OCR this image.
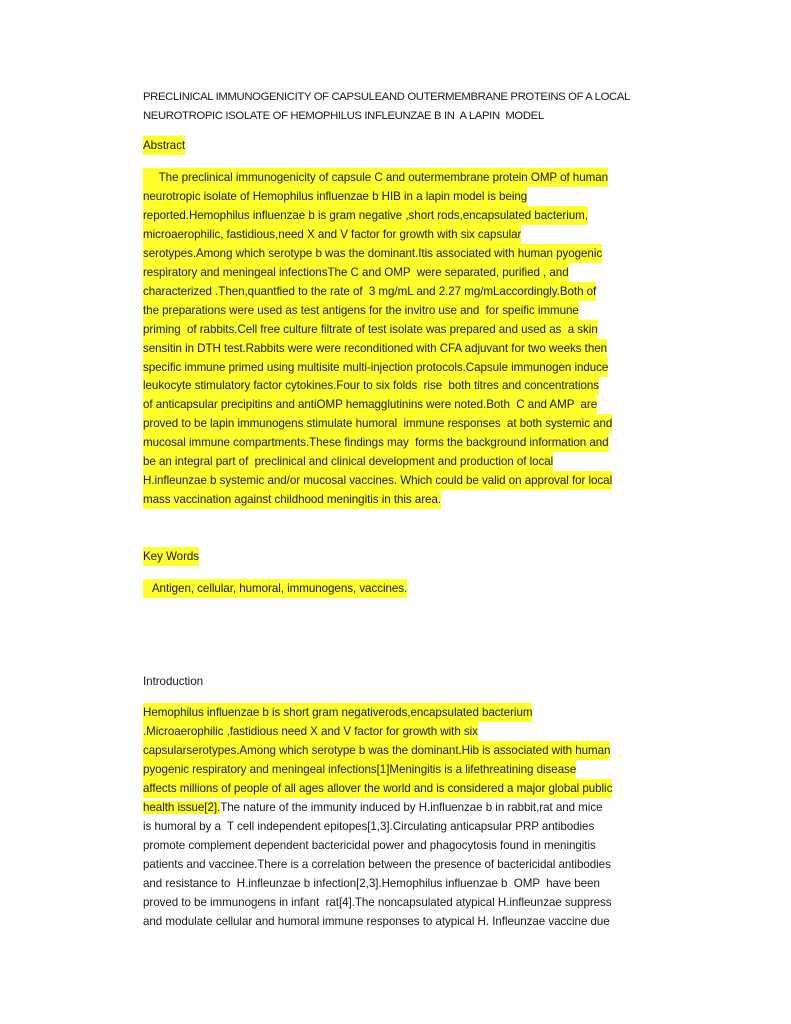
PRECLINICAL IMMUNOGENICITY OF CAPSULEAND OUTERMEMBRANE PROTEINS OF A LOCAL
NEUROTROPIC ISOLATE OF HEMOPHILUS INFLEUNZAE B IN  A LAPIN  MODEL
Abstract
The preclinical immunogenicity of capsule C and outermembrane protein OMP of human
neurotropic isolate of Hemophilus influenzae b HIB in a lapin model is being
reported.Hemophilus influenzae b is gram negative ,short rods,encapsulated bacterium,
microaerophilic, fastidious,need X and V factor for growth with six capsular
serotypes.Among which serotype b was the dominant.Itis associated with human pyogenic
respiratory and meningeal infectionsThe C and OMP  were separated, purified , and
characterized .Then,quantfied to the rate of  3 mg/mL and 2.27 mg/mLaccordingly.Both of
the preparations were used as test antigens for the invitro use and  for speific immune
priming  of rabbits.Cell free culture filtrate of test isolate was prepared and used as  a skin
sensitin in DTH test.Rabbits were were reconditioned with CFA adjuvant for two weeks then
specific immune primed using multisite multi-injection protocols.Capsule immunogen induce
leukocyte stimulatory factor cytokines.Four to six folds  rise  both titres and concentrations
of anticapsular precipitins and antiOMP hemagglutinins were noted.Both  C and AMP  are
proved to be lapin immunogens stimulate humoral  immune responses  at both systemic and
mucosal immune compartments.These findings may  forms the background information and
be an integral part of  preclinical and clinical development and production of local
H.infleunzae b systemic and/or mucosal vaccines. Which could be valid on approval for local
mass vaccination against childhood meningitis in this area.
Key Words
Antigen, cellular, humoral, immunogens, vaccines.
Introduction
Hemophilus influenzae b is short gram negativerods,encapsulated bacterium
.Microaerophilic ,fastidious need X and V factor for growth with six
capsularserotypes.Among which serotype b was the dominant.Hib is associated with human
pyogenic respiratory and meningeal infections[1]Meningitis is a lifethreatining disease
affects millions of people of all ages allover the world and is considered a major global public
health issue[2].The nature of the immunity induced by H.influenzae b in rabbit,rat and mice
is humoral by a  T cell independent epitopes[1,3].Circulating anticapsular PRP antibodies
promote complement dependent bactericidal power and phagocytosis found in meningitis
patients and vaccinee.There is a correlation between the presence of bactericidal antibodies
and resistance to  H.infleunzae b infection[2,3].Hemophilus influenzae b  OMP  have been
proved to be immunogens in infant  rat[4].The noncapsulated atypical H.infleunzae suppress
and modulate cellular and humoral immune responses to atypical H. Infleunzae vaccine due
